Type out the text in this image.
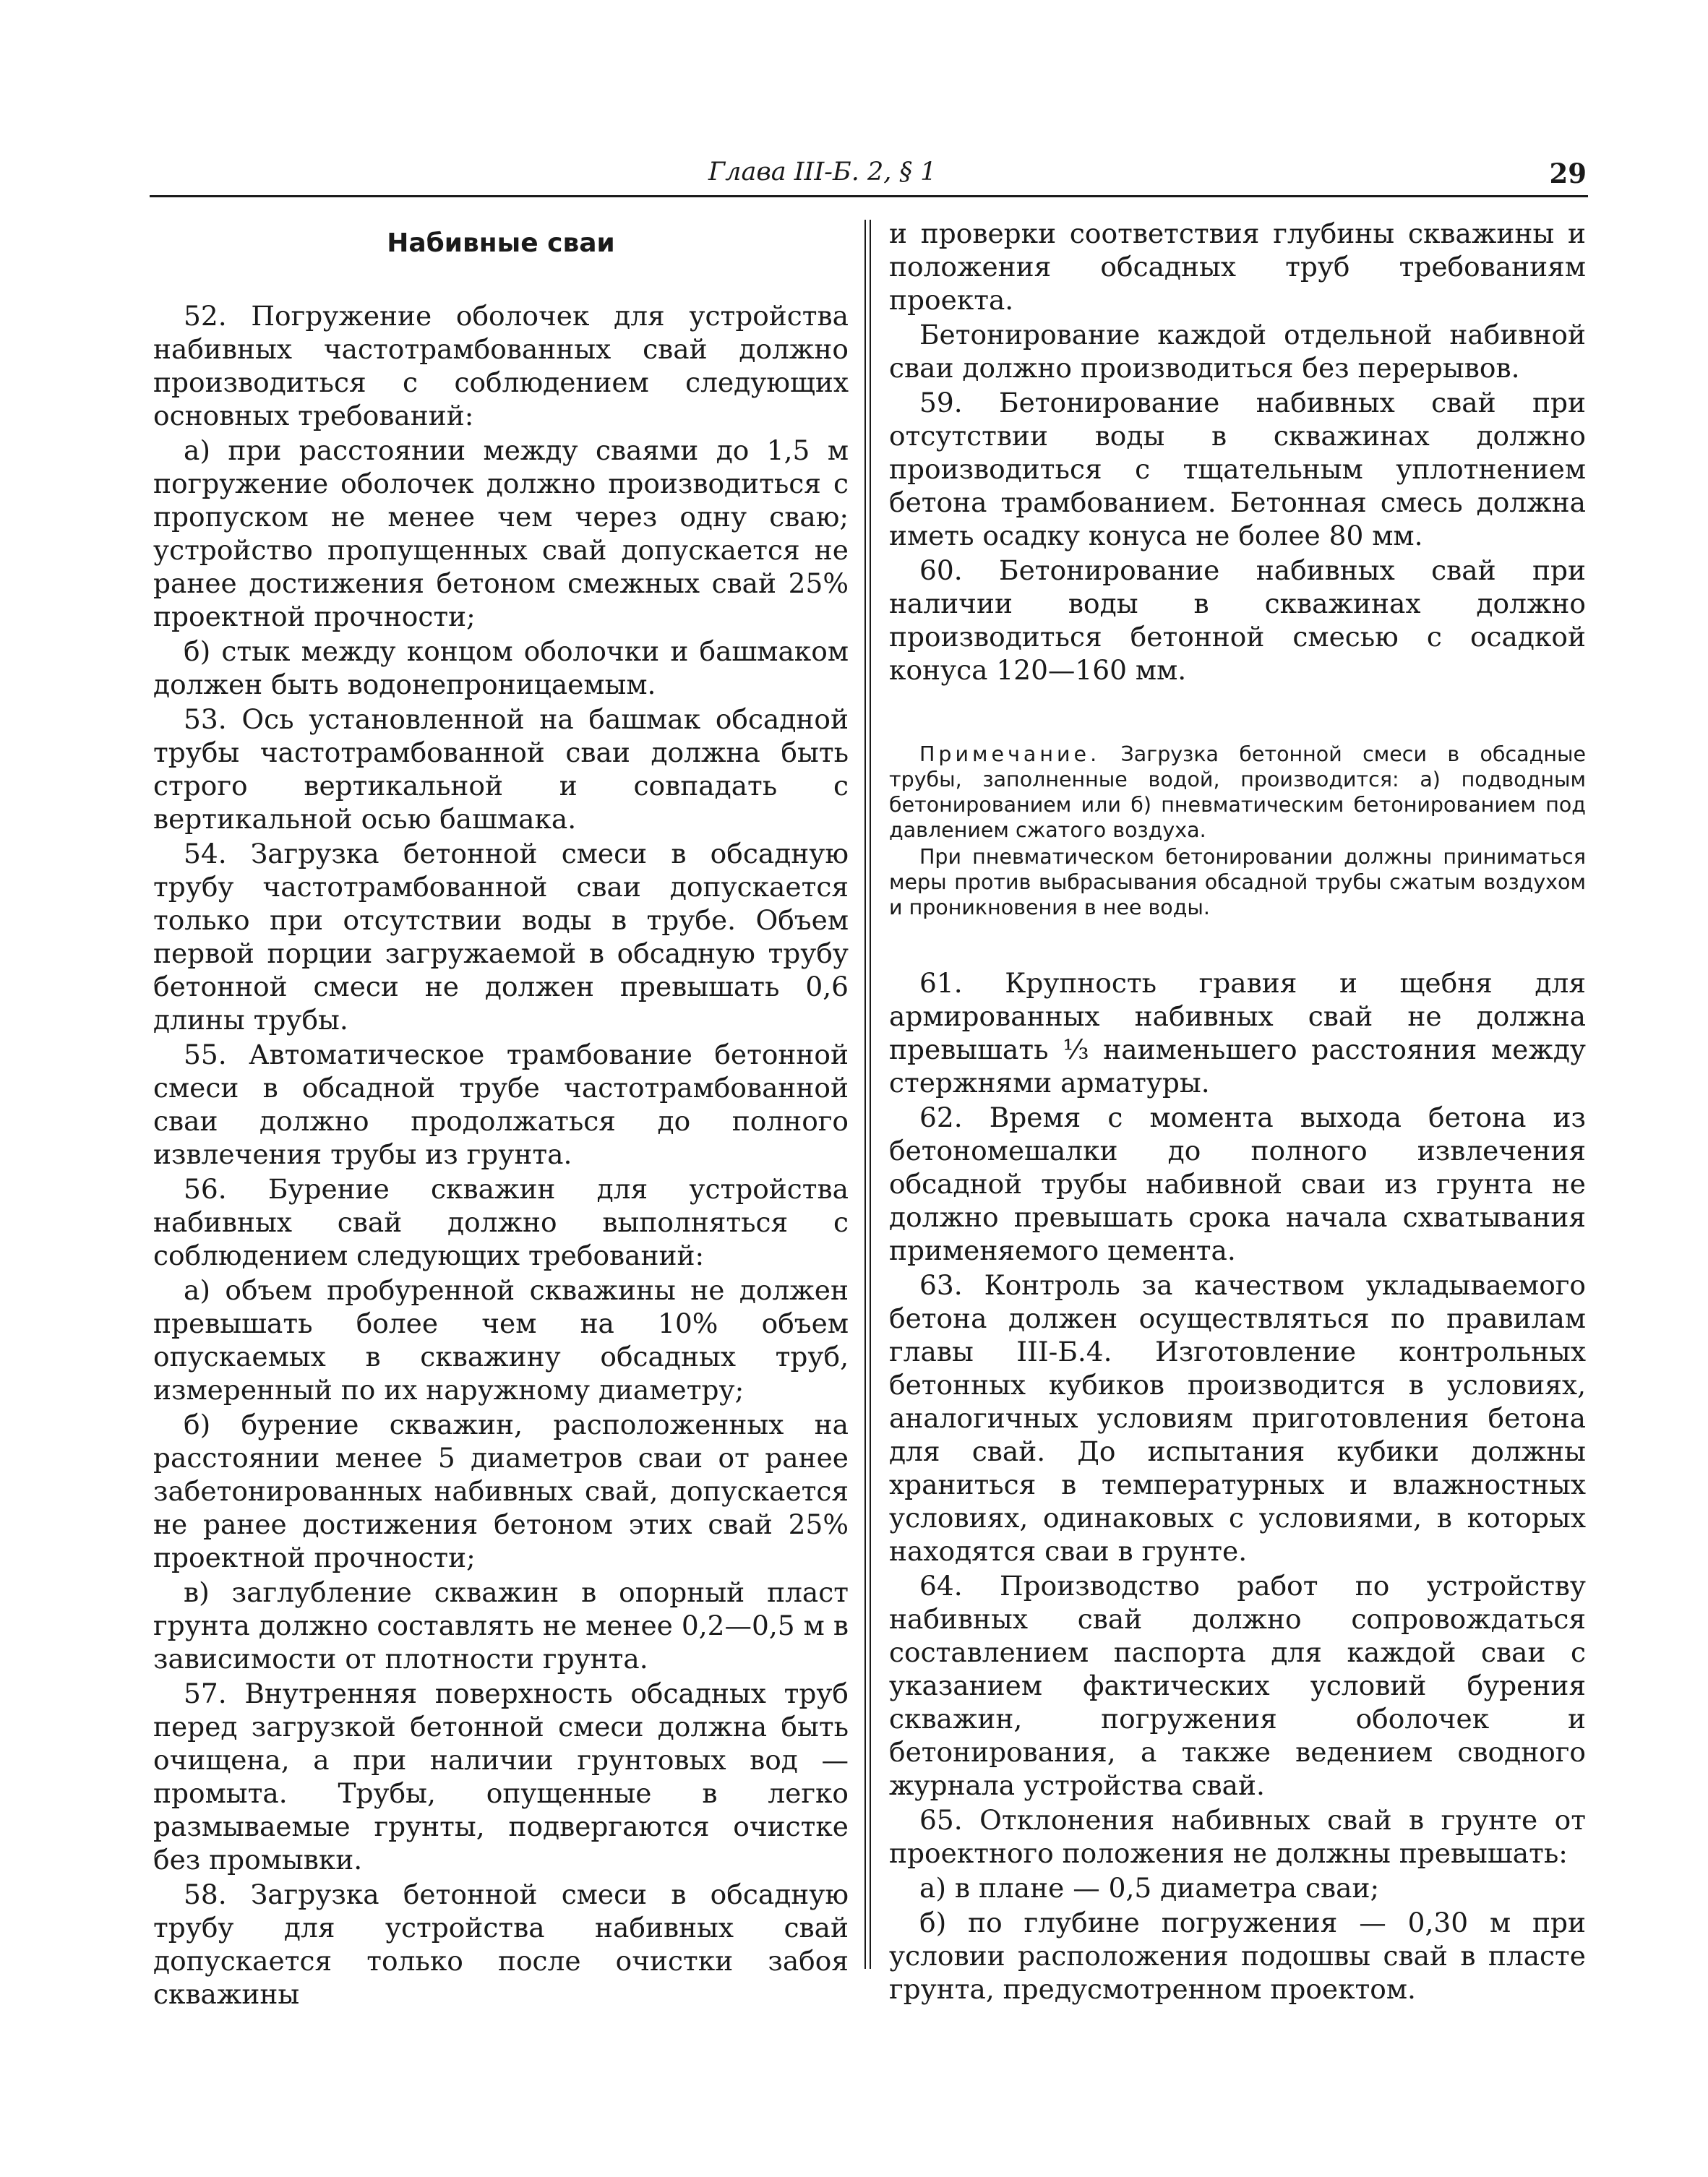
Глава III-Б. 2, § 1	29
Набивные сваи

52. Погружение оболочек для устройства набивных частотрамбованных свай должно производиться с соблюдением следующих основных требований:

а) при расстоянии между сваями до 1,5 м погружение оболочек должно производиться с пропуском не менее чем через одну сваю; устройство пропущенных свай допускается не ранее достижения бетоном смежных свай 25% проектной прочности;

б) стык между концом оболочки и башмаком должен быть водонепроницаемым.

53. Ось установленной на башмак обсадной трубы частотрамбованной сваи должна быть строго вертикальной и совпадать с вертикальной осью башмака.

54. Загрузка бетонной смеси в обсадную трубу частотрамбованной сваи допускается только при отсутствии воды в трубе. Объем первой порции загружаемой в обсадную трубу бетонной смеси не должен превышать 0,6 длины трубы.

55. Автоматическое трамбование бетонной смеси в обсадной трубе частотрамбованной сваи должно продолжаться до полного извлечения трубы из грунта.

56. Бурение скважин для устройства набивных свай должно выполняться с соблюдением следующих требований:

а) объем пробуренной скважины не должен превышать более чем на 10% объем опускаемых в скважину обсадных труб, измеренный по их наружному диаметру;

б) бурение скважин, расположенных на расстоянии менее 5 диаметров сваи от ранее забетонированных набивных свай, допускается не ранее достижения бетоном этих свай 25% проектной прочности;

в) заглубление скважин в опорный пласт грунта должно составлять не менее 0,2—0,5 м в зависимости от плотности грунта.

57. Внутренняя поверхность обсадных труб перед загрузкой бетонной смеси должна быть очищена, а при наличии грунтовых вод — промыта. Трубы, опущенные в легко размываемые грунты, подвергаются очистке без промывки.

58. Загрузка бетонной смеси в обсадную трубу для устройства набивных свай допускается только после очистки забоя скважины

и проверки соответствия глубины скважины и положения обсадных труб требованиям проекта.

Бетонирование каждой отдельной набивной сваи должно производиться без перерывов.

59. Бетонирование набивных свай при отсутствии воды в скважинах должно производиться с тщательным уплотнением бетона трамбованием. Бетонная смесь должна иметь осадку конуса не более 80 мм.

60. Бетонирование набивных свай при наличии воды в скважинах должно производиться бетонной смесью с осадкой конуса 120—160 мм.

Примечание. Загрузка бетонной смеси в обсадные трубы, заполненные водой, производится: а) подводным бетонированием или б) пневматическим бетонированием под давлением сжатого воздуха.

При пневматическом бетонировании должны приниматься меры против выбрасывания обсадной трубы сжатым воздухом и проникновения в нее воды.

61. Крупность гравия и щебня для армированных набивных свай не должна превышать ⅓ наименьшего расстояния между стержнями арматуры.

62. Время с момента выхода бетона из бетономешалки до полного извлечения обсадной трубы набивной сваи из грунта не должно превышать срока начала схватывания применяемого цемента.

63. Контроль за качеством укладываемого бетона должен осуществляться по правилам главы III-Б.4. Изготовление контрольных бетонных кубиков производится в условиях, аналогичных условиям приготовления бетона для свай. До испытания кубики должны храниться в температурных и влажностных условиях, одинаковых с условиями, в которых находятся сваи в грунте.

64. Производство работ по устройству набивных свай должно сопровождаться составлением паспорта для каждой сваи с указанием фактических условий бурения скважин, погружения оболочек и бетонирования, а также ведением сводного журнала устройства свай.

65. Отклонения набивных свай в грунте от проектного положения не должны превышать:

а) в плане — 0,5 диаметра сваи;

б) по глубине погружения — 0,30 м при условии расположения подошвы свай в пласте грунта, предусмотренном проектом.
